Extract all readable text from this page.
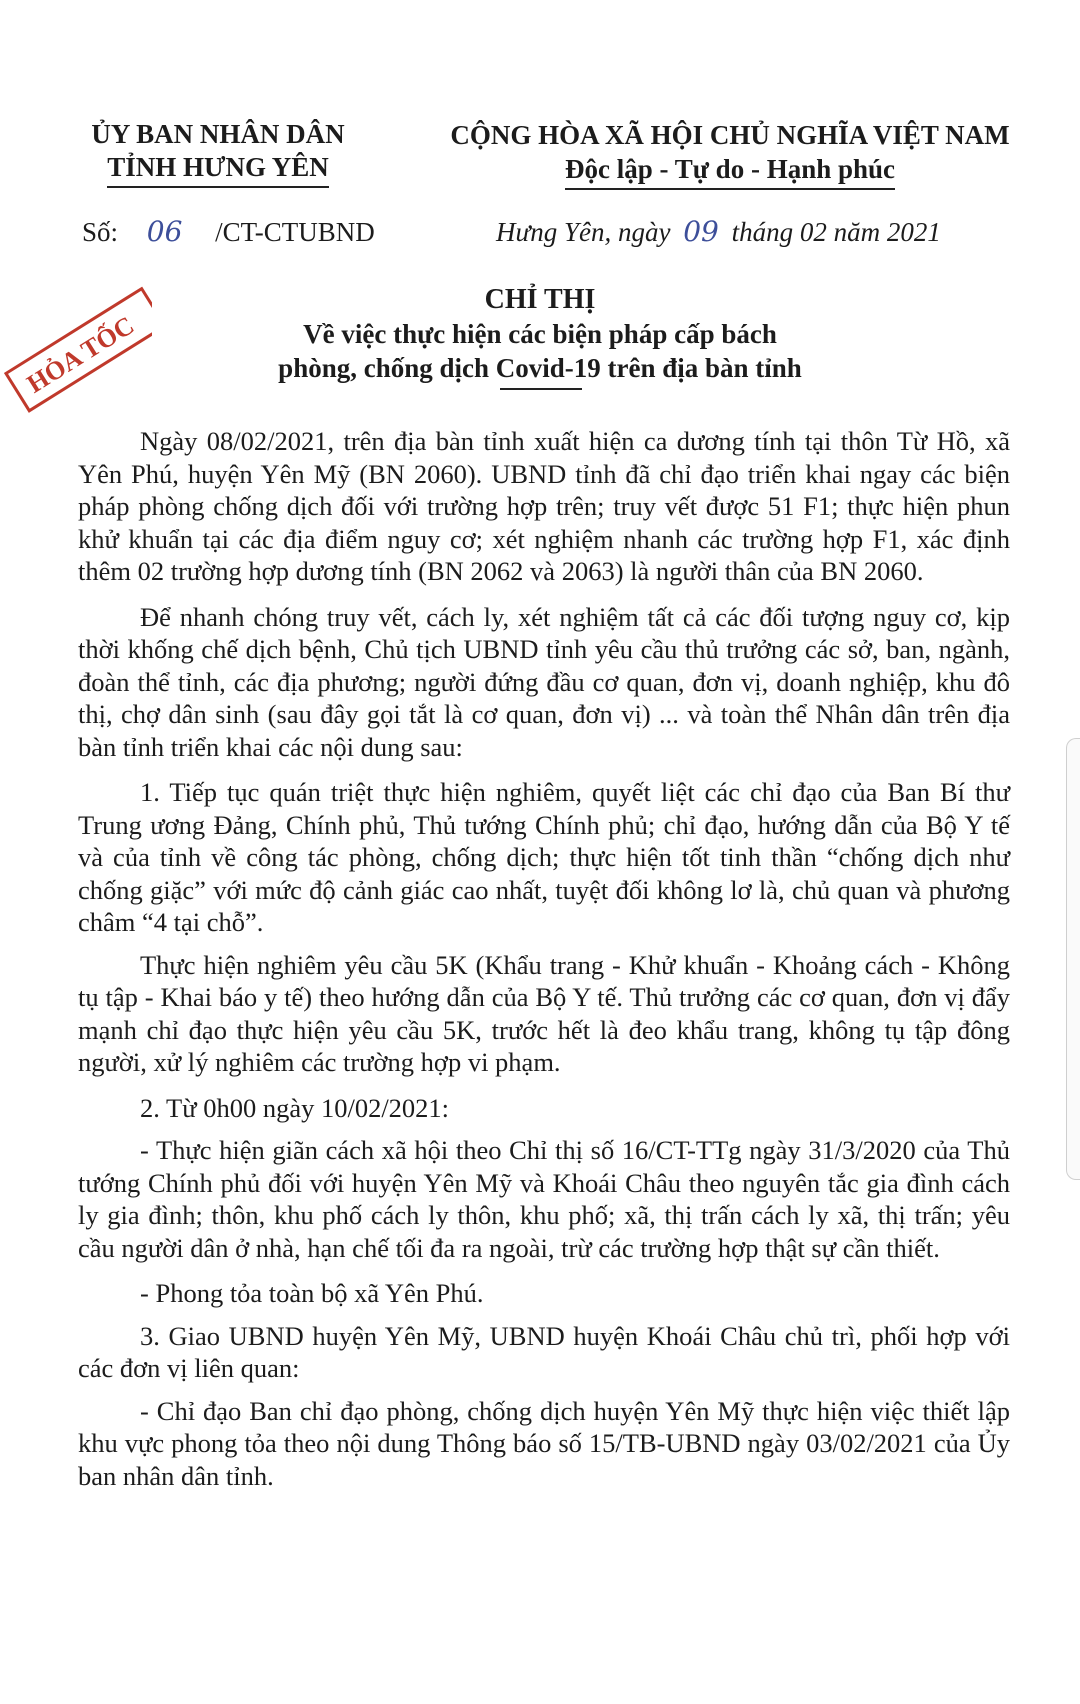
ỦY BAN NHÂN DÂN
TỈNH HƯNG YÊN
CỘNG HÒA XÃ HỘI CHỦ NGHĨA VIỆT NAM
Độc lập - Tự do - Hạnh phúc
Số: 06 /CT-CTUBND	Hưng Yên, ngày 09 tháng 02 năm 2021
HỎA TỐC
CHỈ THỊ
Về việc thực hiện các biện pháp cấp bách
phòng, chống dịch Covid-19 trên địa bàn tỉnh

Ngày 08/02/2021, trên địa bàn tỉnh xuất hiện ca dương tính tại thôn Từ Hồ, xã Yên Phú, huyện Yên Mỹ (BN 2060). UBND tỉnh đã chỉ đạo triển khai ngay các biện pháp phòng chống dịch đối với trường hợp trên; truy vết được 51 F1; thực hiện phun khử khuẩn tại các địa điểm nguy cơ; xét nghiệm nhanh các trường hợp F1, xác định thêm 02 trường hợp dương tính (BN 2062 và 2063) là người thân của BN 2060.

Để nhanh chóng truy vết, cách ly, xét nghiệm tất cả các đối tượng nguy cơ, kịp thời khống chế dịch bệnh, Chủ tịch UBND tỉnh yêu cầu thủ trưởng các sở, ban, ngành, đoàn thể tỉnh, các địa phương; người đứng đầu cơ quan, đơn vị, doanh nghiệp, khu đô thị, chợ dân sinh (sau đây gọi tắt là cơ quan, đơn vị) ... và toàn thể Nhân dân trên địa bàn tỉnh triển khai các nội dung sau:

1. Tiếp tục quán triệt thực hiện nghiêm, quyết liệt các chỉ đạo của Ban Bí thư Trung ương Đảng, Chính phủ, Thủ tướng Chính phủ; chỉ đạo, hướng dẫn của Bộ Y tế và của tỉnh về công tác phòng, chống dịch; thực hiện tốt tinh thần “chống dịch như chống giặc” với mức độ cảnh giác cao nhất, tuyệt đối không lơ là, chủ quan và phương châm “4 tại chỗ”.

Thực hiện nghiêm yêu cầu 5K (Khẩu trang - Khử khuẩn - Khoảng cách - Không tụ tập - Khai báo y tế) theo hướng dẫn của Bộ Y tế. Thủ trưởng các cơ quan, đơn vị đẩy mạnh chỉ đạo thực hiện yêu cầu 5K, trước hết là đeo khẩu trang, không tụ tập đông người, xử lý nghiêm các trường hợp vi phạm.

2. Từ 0h00 ngày 10/02/2021:

- Thực hiện giãn cách xã hội theo Chỉ thị số 16/CT-TTg ngày 31/3/2020 của Thủ tướng Chính phủ đối với huyện Yên Mỹ và Khoái Châu theo nguyên tắc gia đình cách ly gia đình; thôn, khu phố cách ly thôn, khu phố; xã, thị trấn cách ly xã, thị trấn; yêu cầu người dân ở nhà, hạn chế tối đa ra ngoài, trừ các trường hợp thật sự cần thiết.

- Phong tỏa toàn bộ xã Yên Phú.

3. Giao UBND huyện Yên Mỹ, UBND huyện Khoái Châu chủ trì, phối hợp với các đơn vị liên quan:

- Chỉ đạo Ban chỉ đạo phòng, chống dịch huyện Yên Mỹ thực hiện việc thiết lập khu vực phong tỏa theo nội dung Thông báo số 15/TB-UBND ngày 03/02/2021 của Ủy ban nhân dân tỉnh.
